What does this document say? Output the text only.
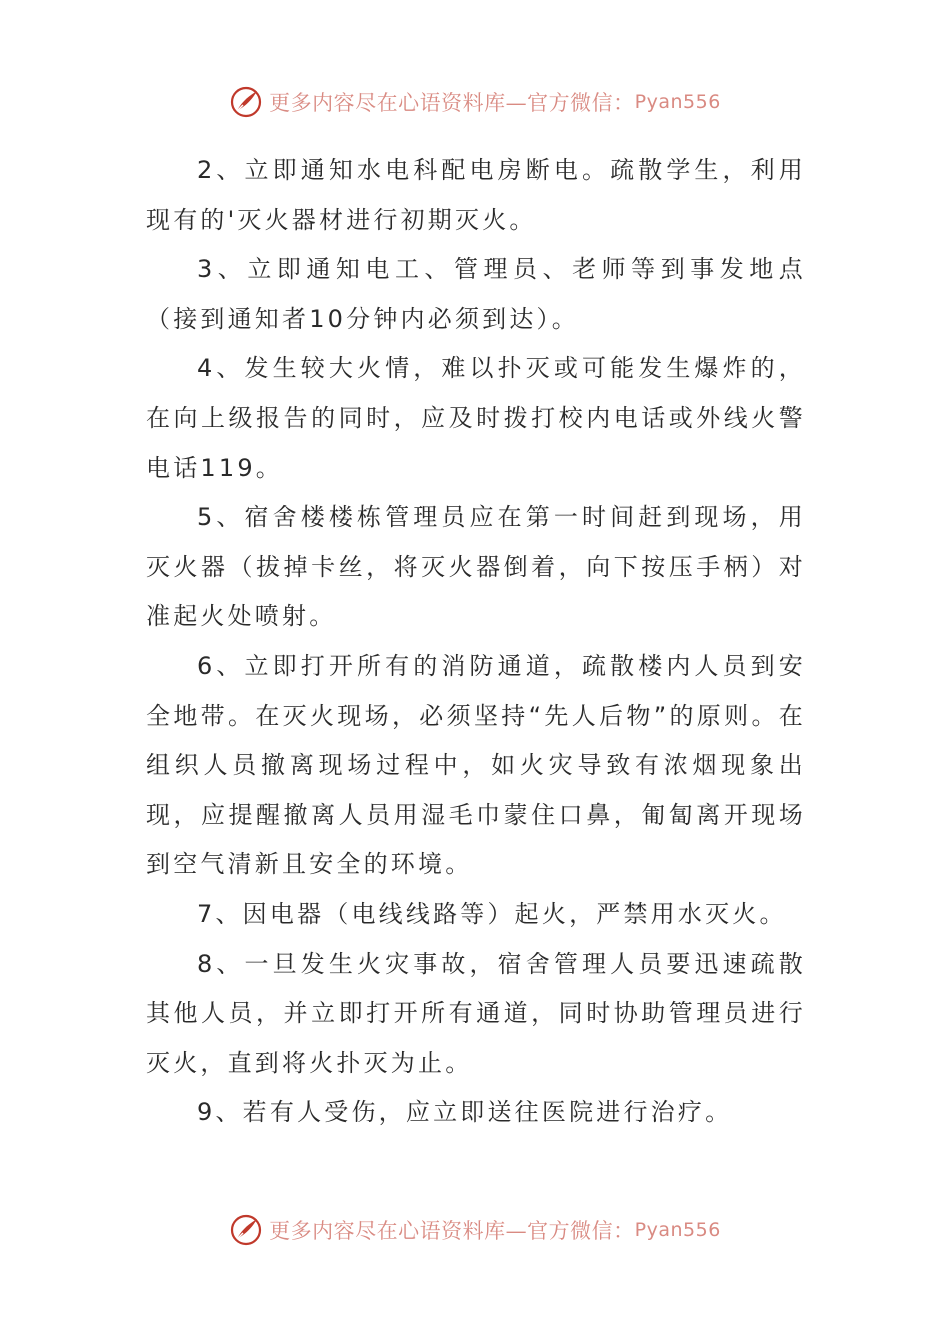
更多内容尽在心语资料库—官方微信： Pyan556

2、立即通知水电科配电房断电。疏散学生，利用现有的'灭火器材进行初期灭火。

3、立即通知电工、管理员、老师等到事发地点（接到通知者10分钟内必须到达）。

4、发生较大火情，难以扑灭或可能发生爆炸的，在向上级报告的同时，应及时拨打校内电话或外线火警电话119。

5、宿舍楼楼栋管理员应在第一时间赶到现场，用灭火器（拔掉卡丝，将灭火器倒着，向下按压手柄）对准起火处喷射。

6、立即打开所有的消防通道，疏散楼内人员到安全地带。在灭火现场，必须坚持“先人后物”的原则。在组织人员撤离现场过程中，如火灾导致有浓烟现象出现，应提醒撤离人员用湿毛巾蒙住口鼻，匍匐离开现场到空气清新且安全的环境。

7、因电器（电线线路等）起火，严禁用水灭火。

8、一旦发生火灾事故，宿舍管理人员要迅速疏散其他人员，并立即打开所有通道，同时协助管理员进行灭火，直到将火扑灭为止。

9、若有人受伤，应立即送往医院进行治疗。

更多内容尽在心语资料库—官方微信： Pyan556
